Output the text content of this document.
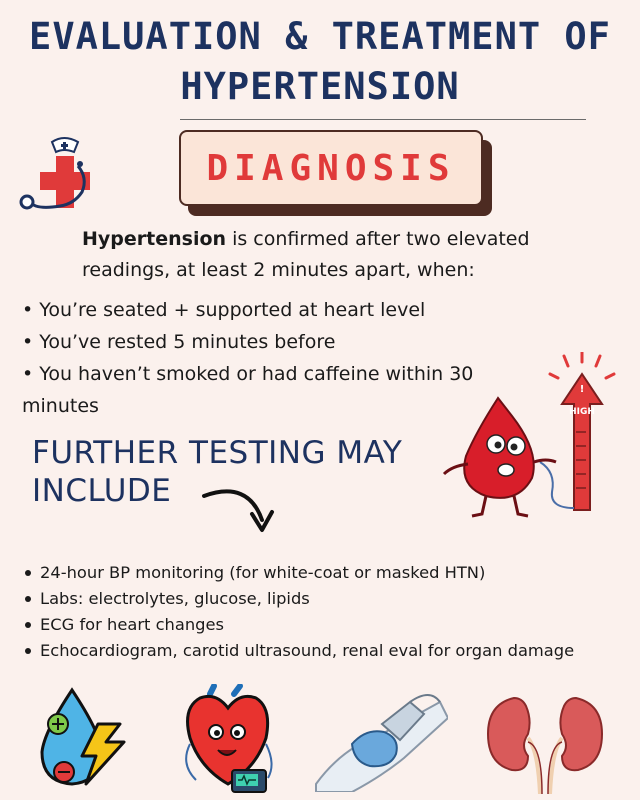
EVALUATION & TREATMENT OF
HYPERTENSION
DIAGNOSIS
Hypertension is confirmed after two elevated readings, at least 2 minutes apart, when:
• You’re seated + supported at heart level
• You’ve rested 5 minutes before
• You haven’t smoked or had caffeine within 30 minutes
!
HIGH
FURTHER TESTING MAY INCLUDE
24-hour BP monitoring (for white-coat or masked HTN)
Labs: electrolytes, glucose, lipids
ECG for heart changes
Echocardiogram, carotid ultrasound, renal eval for organ damage
